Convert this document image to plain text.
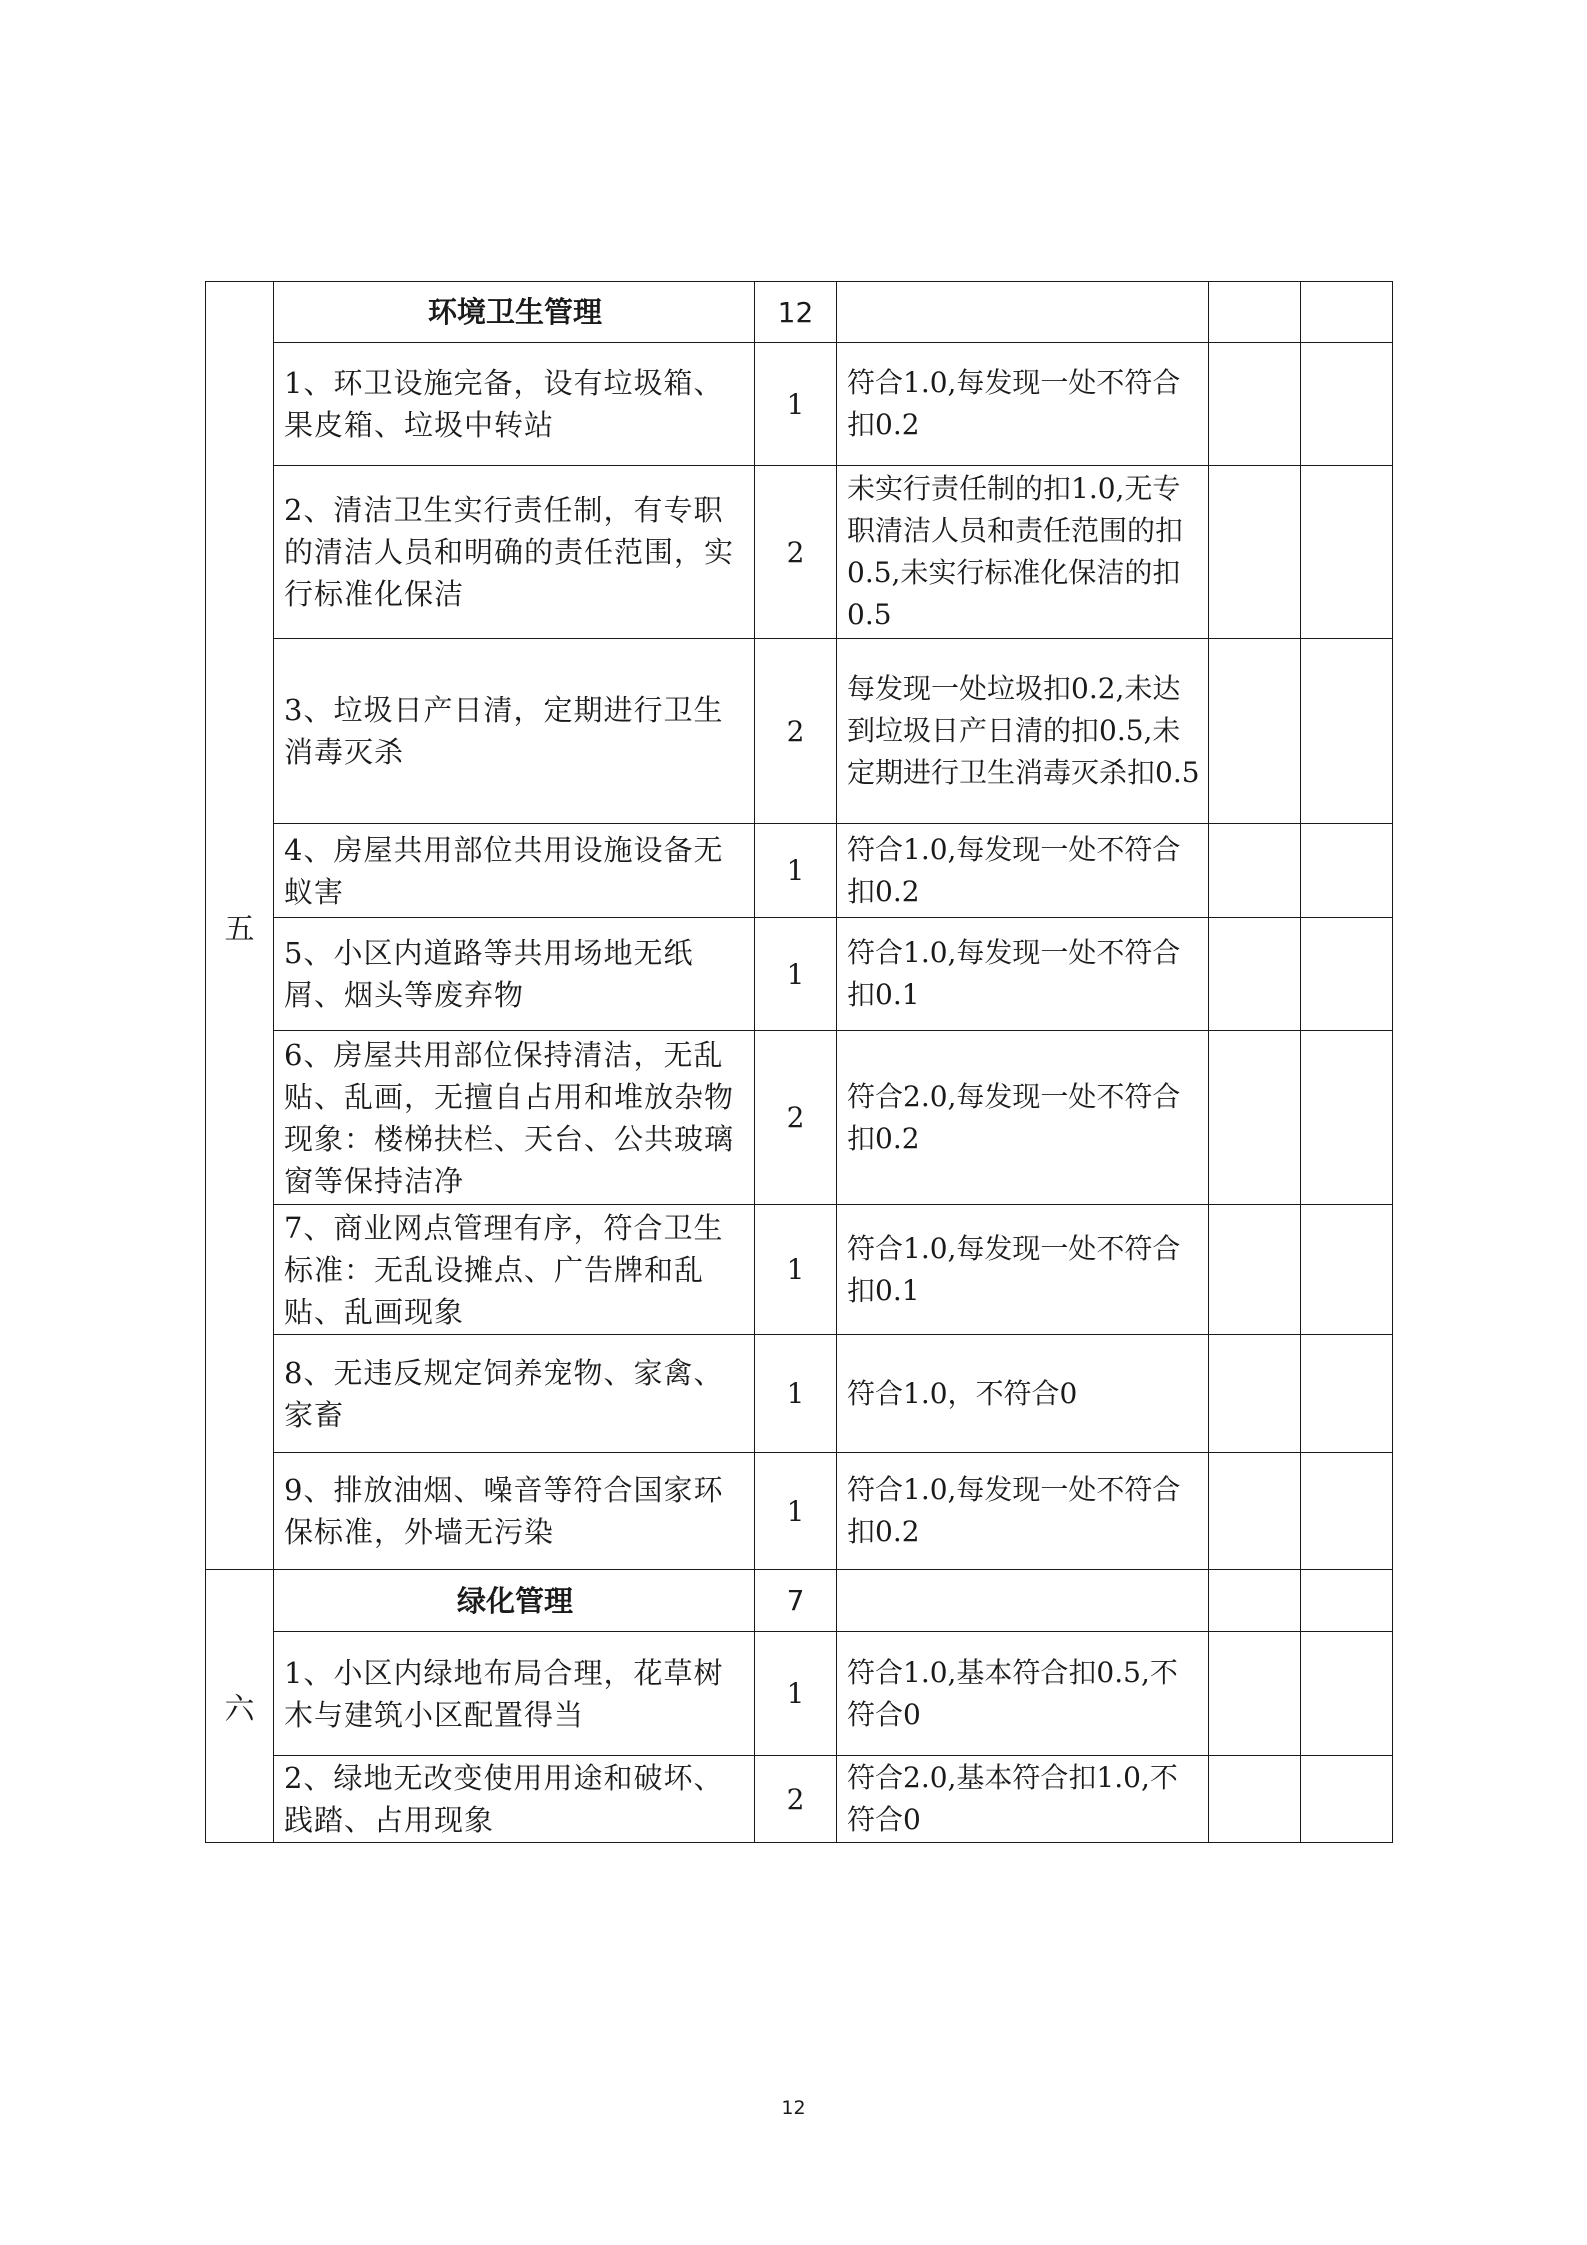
五	环境卫生管理	12			
	1、环卫设施完备，设有垃圾箱、果皮箱、垃圾中转站	1	符合1.0,每发现一处不符合扣0.2		
	2、清洁卫生实行责任制，有专职的清洁人员和明确的责任范围，实行标准化保洁	2	未实行责任制的扣1.0,无专职清洁人员和责任范围的扣0.5,未实行标准化保洁的扣0.5		
	3、垃圾日产日清，定期进行卫生消毒灭杀	2	每发现一处垃圾扣0.2,未达到垃圾日产日清的扣0.5,未定期进行卫生消毒灭杀扣0.5		
	4、房屋共用部位共用设施设备无蚁害	1	符合1.0,每发现一处不符合扣0.2		
	5、小区内道路等共用场地无纸屑、烟头等废弃物	1	符合1.0,每发现一处不符合扣0.1		
	6、房屋共用部位保持清洁，无乱贴、乱画，无擅自占用和堆放杂物现象：楼梯扶栏、天台、公共玻璃窗等保持洁净	2	符合2.0,每发现一处不符合扣0.2		
	7、商业网点管理有序，符合卫生标准：无乱设摊点、广告牌和乱贴、乱画现象	1	符合1.0,每发现一处不符合扣0.1		
	8、无违反规定饲养宠物、家禽、家畜	1	符合1.0，不符合0		
	9、排放油烟、噪音等符合国家环保标准，外墙无污染	1	符合1.0,每发现一处不符合扣0.2		
六	绿化管理	7			
	1、小区内绿地布局合理，花草树木与建筑小区配置得当	1	符合1.0,基本符合扣0.5,不符合0		
	2、绿地无改变使用用途和破坏、践踏、占用现象	2	符合2.0,基本符合扣1.0,不符合0		
12
